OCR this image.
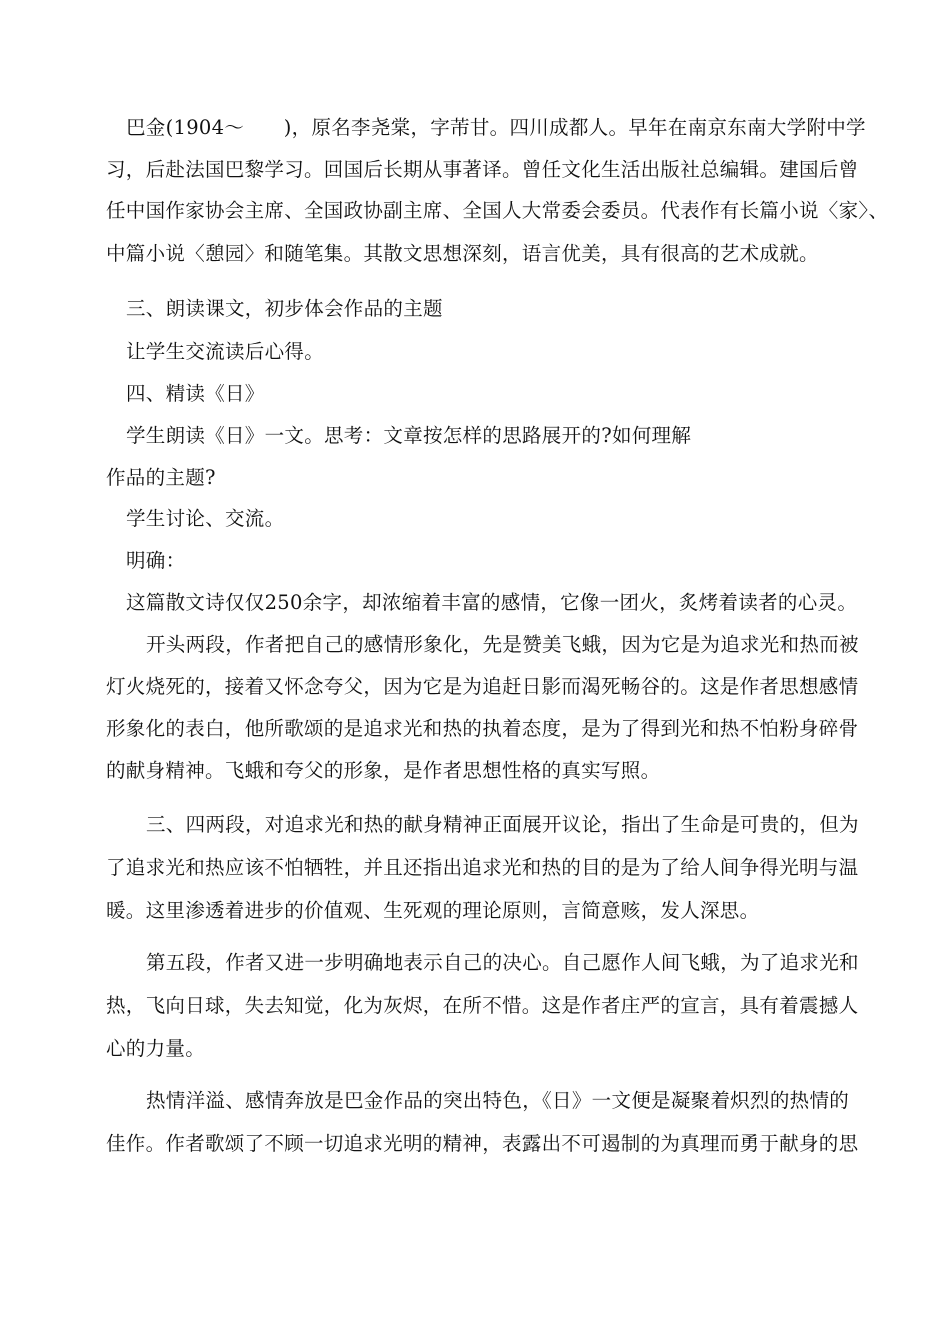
巴金(1904～　　)，原名李尧棠，字芾甘。四川成都人。早年在南京东南大学附中学
习，后赴法国巴黎学习。回国后长期从事著译。曾任文化生活出版社总编辑。建国后曾
任中国作家协会主席、全国政协副主席、全国人大常委会委员。代表作有长篇小说〈家〉、
中篇小说〈憩园〉和随笔集。其散文思想深刻，语言优美，具有很高的艺术成就。
三、朗读课文，初步体会作品的主题
让学生交流读后心得。
四、精读《日》
学生朗读《日》一文。思考：文章按怎样的思路展开的?如何理解
作品的主题?
学生讨论、交流。
明确：
这篇散文诗仅仅250余字，却浓缩着丰富的感情，它像一团火，炙烤着读者的心灵。
开头两段，作者把自己的感情形象化，先是赞美飞蛾，因为它是为追求光和热而被
灯火烧死的，接着又怀念夸父，因为它是为追赶日影而渴死畅谷的。这是作者思想感情
形象化的表白，他所歌颂的是追求光和热的执着态度，是为了得到光和热不怕粉身碎骨
的献身精神。飞蛾和夸父的形象，是作者思想性格的真实写照。
三、四两段，对追求光和热的献身精神正面展开议论，指出了生命是可贵的，但为
了追求光和热应该不怕牺牲，并且还指出追求光和热的目的是为了给人间争得光明与温
暖。这里渗透着进步的价值观、生死观的理论原则，言简意赅，发人深思。
第五段，作者又进一步明确地表示自己的决心。自己愿作人间飞蛾，为了追求光和
热，飞向日球，失去知觉，化为灰烬，在所不惜。这是作者庄严的宣言，具有着震撼人
心的力量。
热情洋溢、感情奔放是巴金作品的突出特色，《日》一文便是凝聚着炽烈的热情的
佳作。作者歌颂了不顾一切追求光明的精神，表露出不可遏制的为真理而勇于献身的思
